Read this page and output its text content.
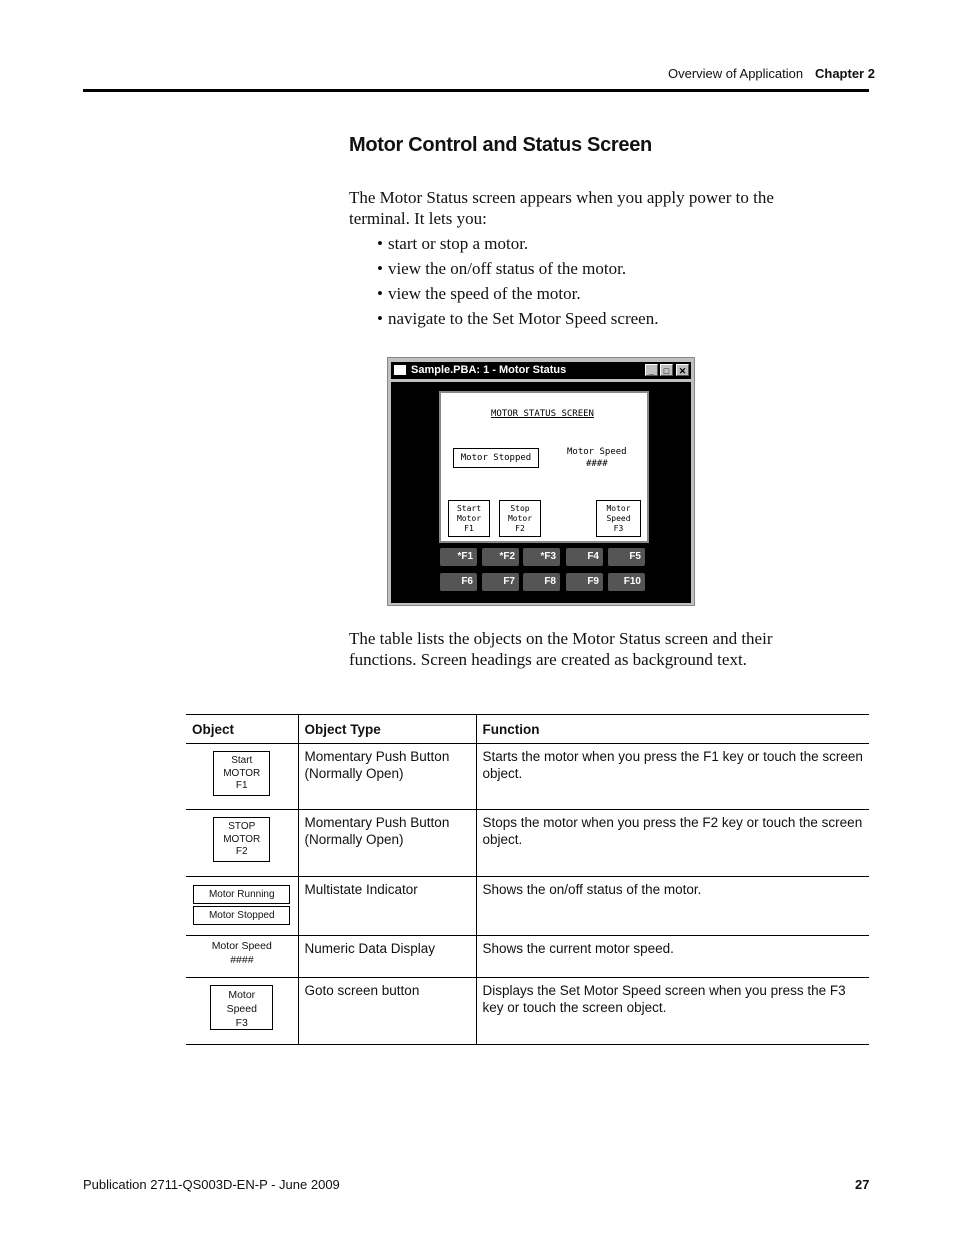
Overview of Application Chapter 2
Motor Control and Status Screen
The Motor Status screen appears when you apply power to the terminal. It lets you:
• start or stop a motor.
• view the on/off status of the motor.
• view the speed of the motor.
• navigate to the Set Motor Speed screen.
Sample.PBA: 1 - Motor Status	_	□	✕
MOTOR STATUS SCREEN
Motor Stopped
Motor Speed
####
Start
Motor
F1
Stop
Motor
F2
Motor
Speed
F3
*F1	*F2	*F3	F4	F5
F6	F7	F8	F9	F10
The table lists the objects on the Motor Status screen and their functions. Screen headings are created as background text.
Object	Object Type	Function

Start
MOTOR
F1	Momentary Push Button (Normally Open)	Starts the motor when you press the F1 key or touch the screen object.

STOP
MOTOR
F2	Momentary Push Button (Normally Open)	Stops the motor when you press the F2 key or touch the screen object.

Motor Running
Motor Stopped	Multistate Indicator	Shows the on/off status of the motor.

Motor Speed
####	Numeric Data Display	Shows the current motor speed.

Motor
Speed
F3	Goto screen button	Displays the Set Motor Speed screen when you press the F3 key or touch the screen object.
Publication 2711-QS003D-EN-P - June 2009	27
